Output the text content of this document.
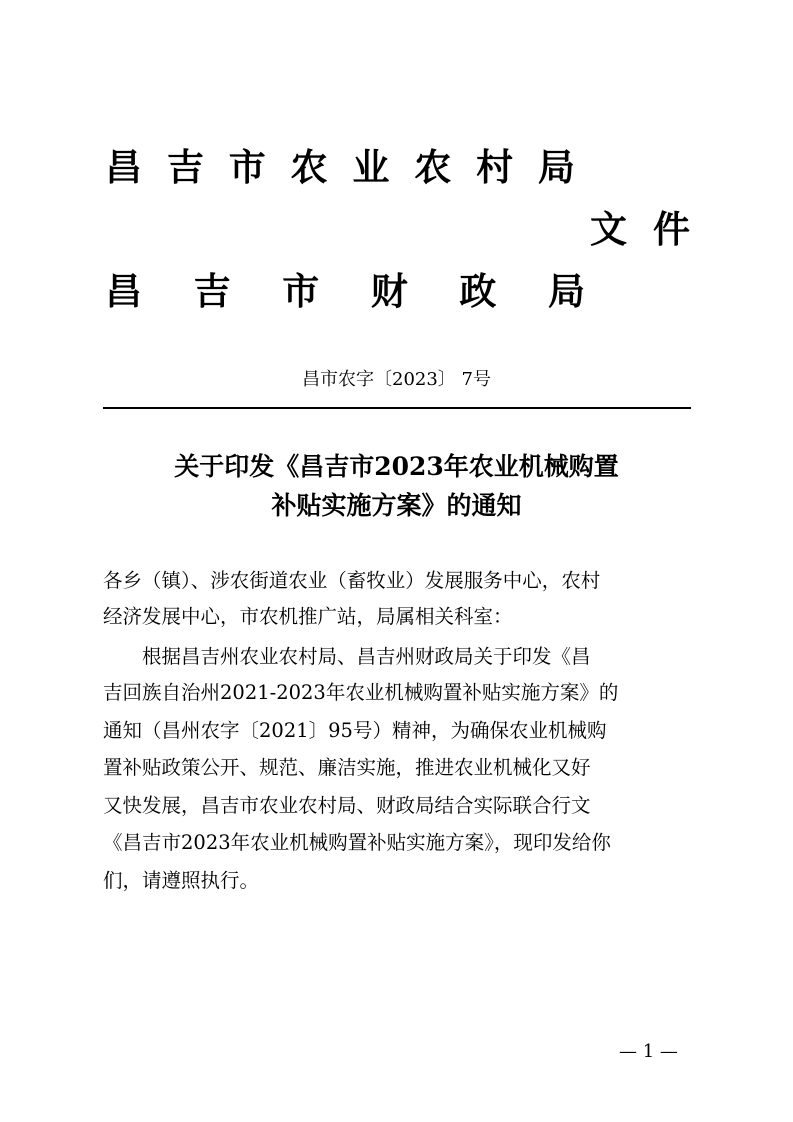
昌 吉 市 农 业 农 村 局
文 件
昌 吉 市 财 政 局
昌市农字〔2023〕 7号
关于印发《昌吉市2023年农业机械购置
补贴实施方案》的通知
各乡（镇）、涉农街道农业（畜牧业）发展服务中心，农村
经济发展中心，市农机推广站，局属相关科室：
　　根据昌吉州农业农村局、昌吉州财政局关于印发《昌
吉回族自治州2021-2023年农业机械购置补贴实施方案》的
通知（昌州农字〔2021〕95号）精神，为确保农业机械购
置补贴政策公开、规范、廉洁实施，推进农业机械化又好
又快发展，昌吉市农业农村局、财政局结合实际联合行文
《昌吉市2023年农业机械购置补贴实施方案》，现印发给你
们，请遵照执行。
— 1 —
